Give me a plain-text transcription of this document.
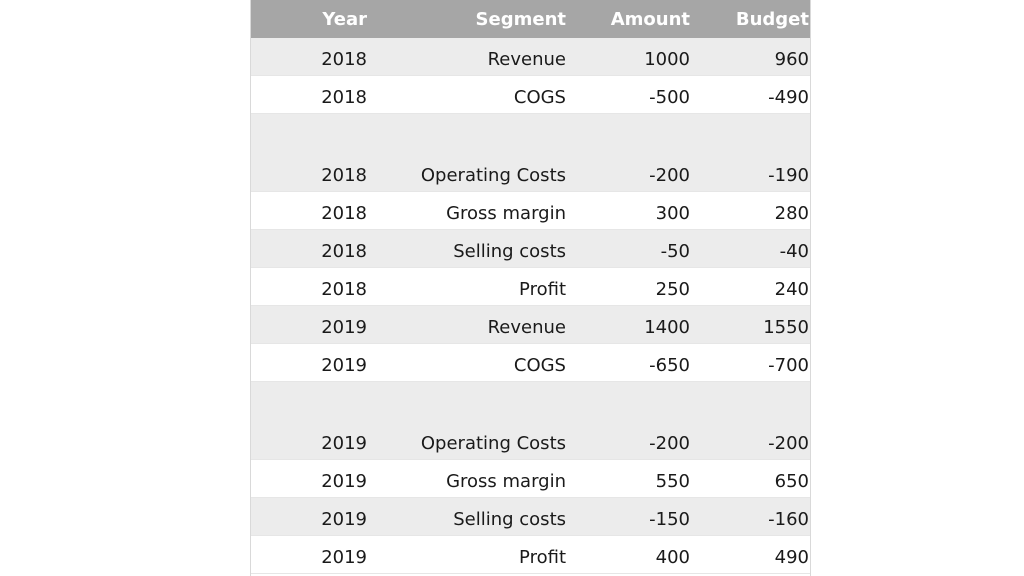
Year	Segment	Amount	Budget
2018	Revenue	1000	960
2018	COGS	-500	-490
2018	Operating Costs	-200	-190
2018	Gross margin	300	280
2018	Selling costs	-50	-40
2018	Profit	250	240
2019	Revenue	1400	1550
2019	COGS	-650	-700
2019	Operating Costs	-200	-200
2019	Gross margin	550	650
2019	Selling costs	-150	-160
2019	Profit	400	490
